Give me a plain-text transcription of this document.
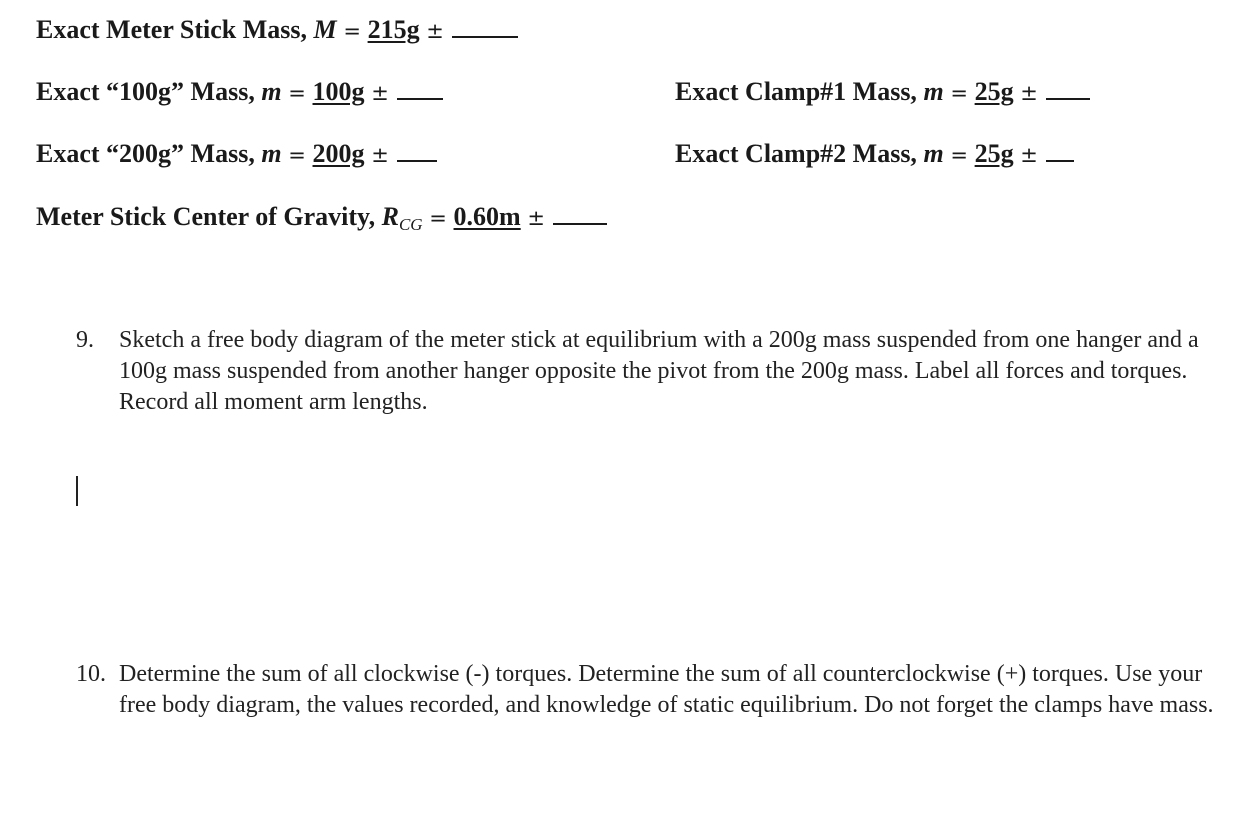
Exact Meter Stick Mass, M = 215g ±
Exact “100g” Mass, m = 100g ±	Exact Clamp#1 Mass, m = 25g ±
Exact “200g” Mass, m = 200g ±	Exact Clamp#2 Mass, m = 25g ±
Meter Stick Center of Gravity, $R_{CG} = 0.60m$ ±
9. Sketch a free body diagram of the meter stick at equilibrium with a 200g mass suspended from one hanger and a 100g mass suspended from another hanger opposite the pivot from the 200g mass. Label all forces and torques. Record all moment arm lengths.
10. Determine the sum of all clockwise (-) torques. Determine the sum of all counterclockwise (+) torques. Use your free body diagram, the values recorded, and knowledge of static equilibrium. Do not forget the clamps have mass.
